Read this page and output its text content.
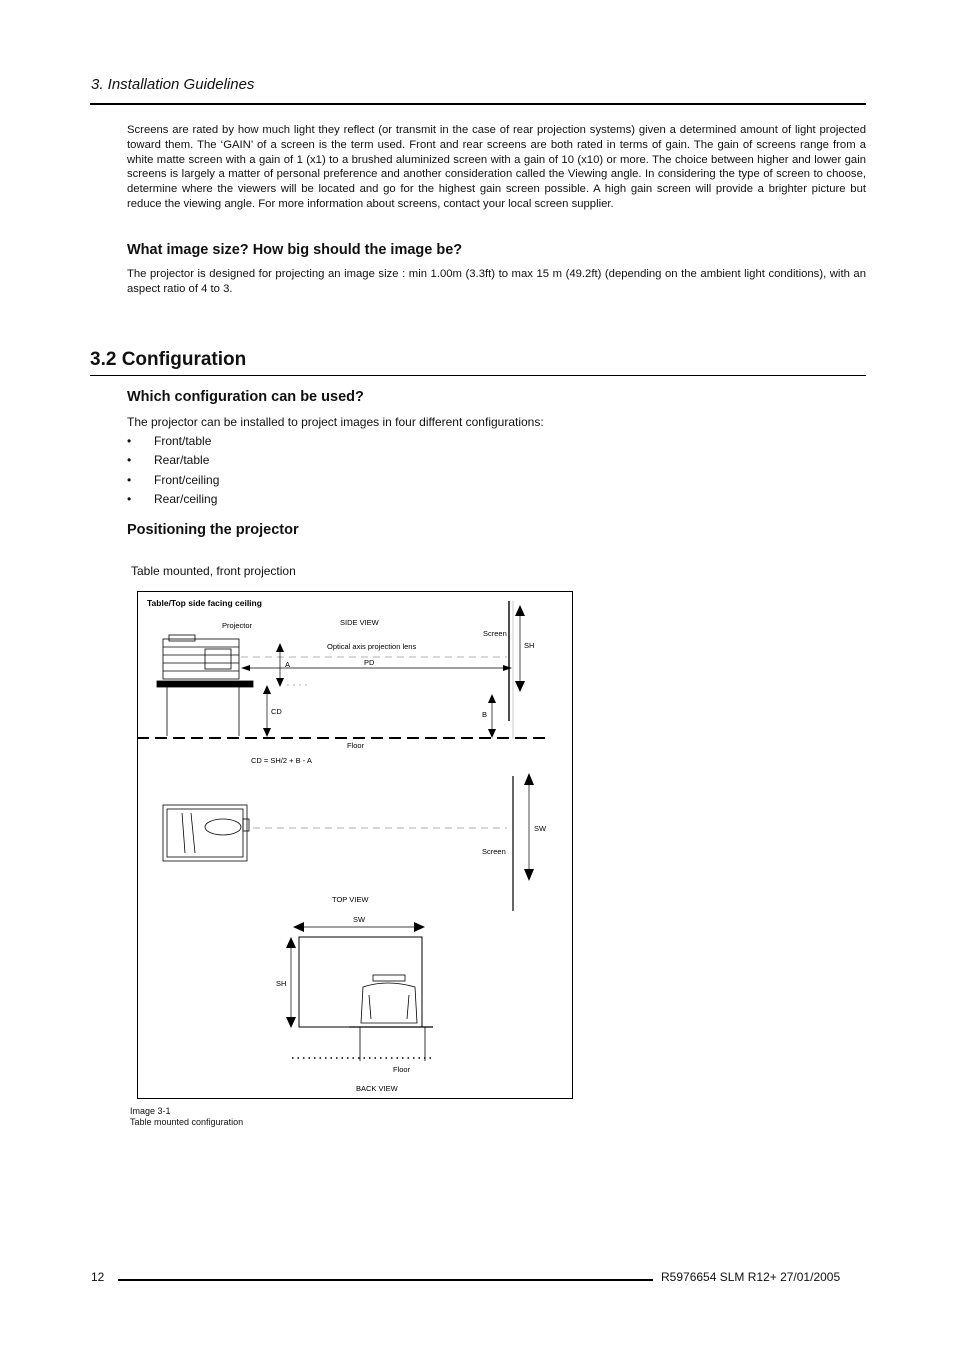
3. Installation Guidelines
Screens are rated by how much light they reflect (or transmit in the case of rear projection systems) given a determined amount of light projected toward them. The ‘GAIN’ of a screen is the term used. Front and rear screens are both rated in terms of gain. The gain of screens range from a white matte screen with a gain of 1 (x1) to a brushed aluminized screen with a gain of 10 (x10) or more. The choice between higher and lower gain screens is largely a matter of personal preference and another consideration called the Viewing angle. In considering the type of screen to choose, determine where the viewers will be located and go for the highest gain screen possible. A high gain screen will provide a brighter picture but reduce the viewing angle. For more information about screens, contact your local screen supplier.
What image size? How big should the image be?
The projector is designed for projecting an image size : min 1.00m (3.3ft) to max 15 m (49.2ft) (depending on the ambient light conditions), with an aspect ratio of 4 to 3.
3.2 Configuration
Which configuration can be used?
The projector can be installed to project images in four different configurations:
• Front/table
• Rear/table
• Front/ceiling
• Rear/ceiling
Positioning the projector
Table mounted, front projection
Table/Top side facing ceiling
SIDE VIEW
Projector
Optical axis projection lens
PD
A
CD	B
Screen
SH
Floor
CD = SH/2 + B - A
Screen
SW
TOP VIEW
SW
SH
Floor
BACK VIEW
Image 3-1
Table mounted configuration
12	R5976654 SLM R12+ 27/01/2005
